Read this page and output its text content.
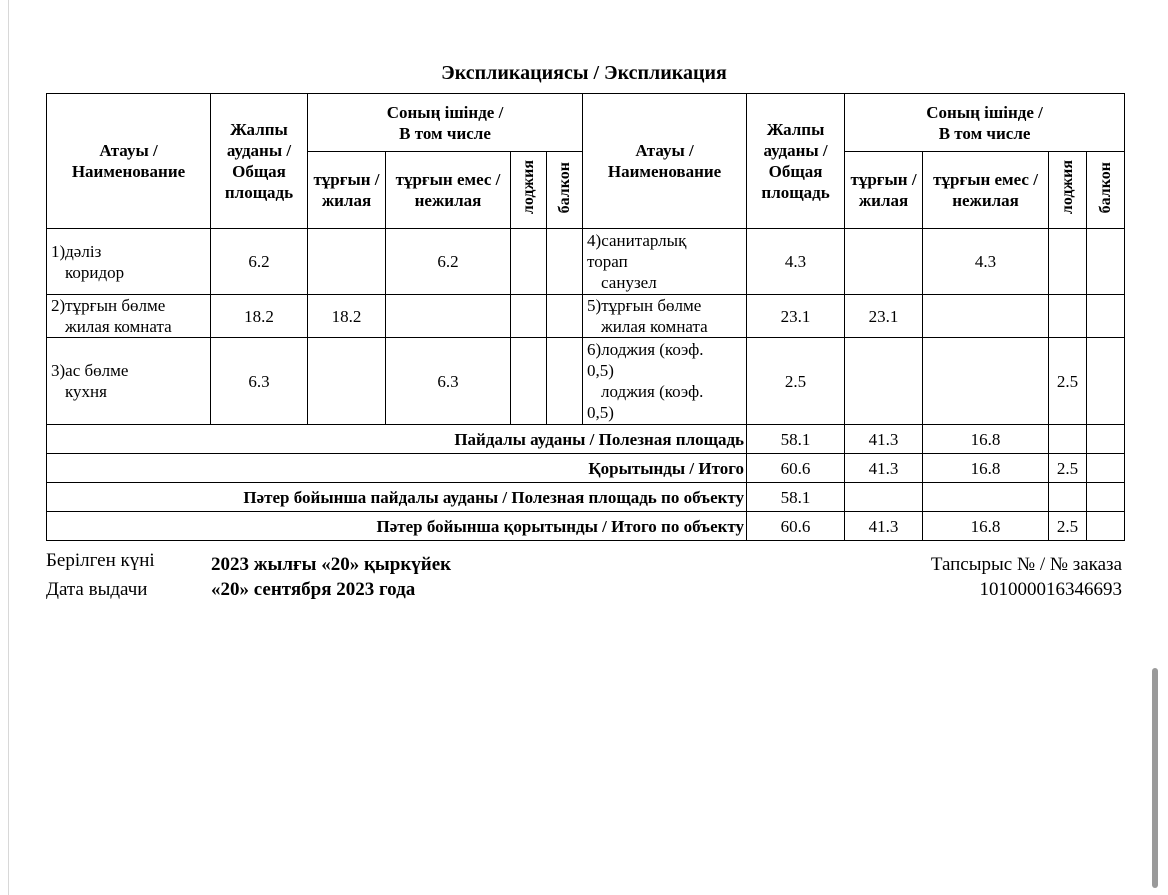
Экспликациясы / Экспликация
Атауы /
Наименование	Жалпы
ауданы /
Общая
площадь	Соның ішінде /
В том числе				Атауы /
Наименование	Жалпы
ауданы /
Общая
площадь	Соның ішінде /
В том числе			
		тұрғын /
жилая	тұрғын емес /
нежилая	лоджия	балкон			тұрғын /
жилая	тұрғын емес /
нежилая	лоджия	балкон
1)дәліз
коридор	6.2		6.2			4)санитарлық
торап
санузел	4.3		4.3		
2)тұрғын бөлме
жилая комната	18.2	18.2				5)тұрғын бөлме
жилая комната	23.1	23.1			
3)ас бөлме
кухня	6.3		6.3			6)лоджия (коэф.
0,5)
лоджия (коэф.
0,5)	2.5			2.5	
Пайдалы ауданы / Полезная площадь							58.1	41.3	16.8		
Қорытынды / Итого							60.6	41.3	16.8	2.5	
Пәтер бойынша пайдалы ауданы / Полезная площадь по объекту							58.1				
Пәтер бойынша қорытынды / Итого по объекту							60.6	41.3	16.8	2.5	
Берілген күні
Дата выдачи
2023 жылғы «20» қыркүйек
«20» сентября 2023 года
Тапсырыс № / № заказа
101000016346693
